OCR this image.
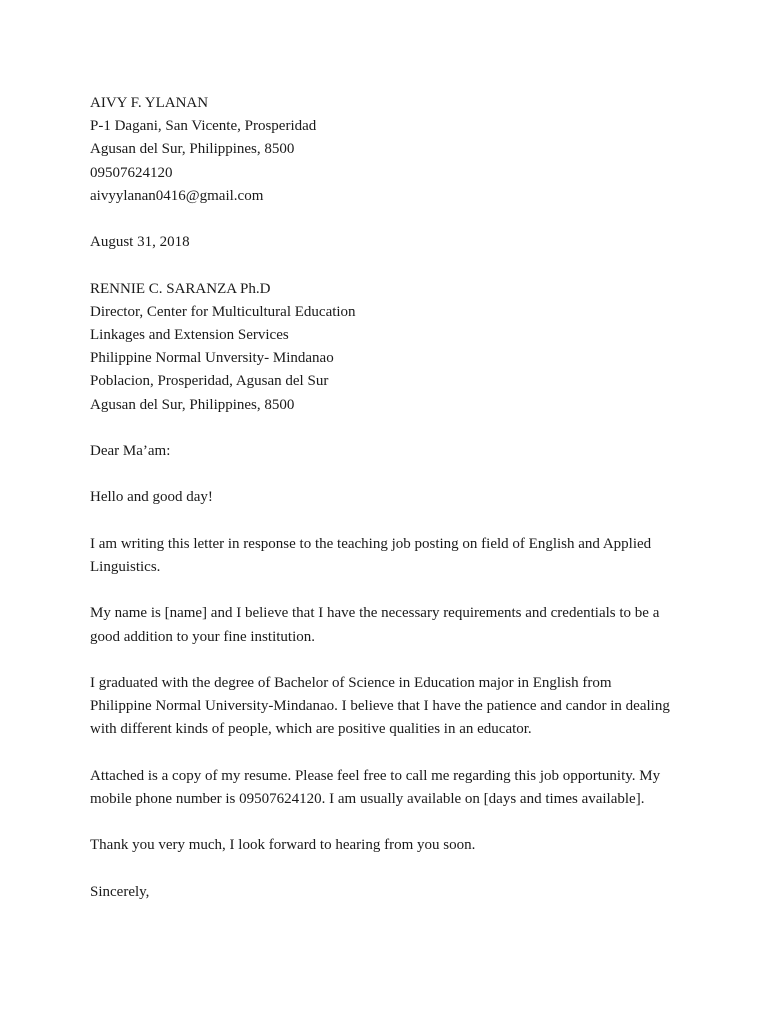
AIVY F. YLANAN
P-1 Dagani, San Vicente, Prosperidad
Agusan del Sur, Philippines, 8500
09507624120
aivyylanan0416@gmail.com
August 31, 2018
RENNIE C. SARANZA Ph.D
Director, Center for Multicultural Education
Linkages and Extension Services
Philippine Normal Unversity- Mindanao
Poblacion, Prosperidad, Agusan del Sur
Agusan del Sur, Philippines, 8500
Dear Ma’am:
Hello and good day!
I am writing this letter in response to the teaching job posting on field of English and Applied
Linguistics.
My name is [name] and I believe that I have the necessary requirements and credentials to be a
good addition to your fine institution.
I graduated with the degree of Bachelor of Science in Education major in English from
Philippine Normal University-Mindanao. I believe that I have the patience and candor in dealing
with different kinds of people, which are positive qualities in an educator.
Attached is a copy of my resume. Please feel free to call me regarding this job opportunity. My
mobile phone number is 09507624120. I am usually available on [days and times available].
Thank you very much, I look forward to hearing from you soon.
Sincerely,
